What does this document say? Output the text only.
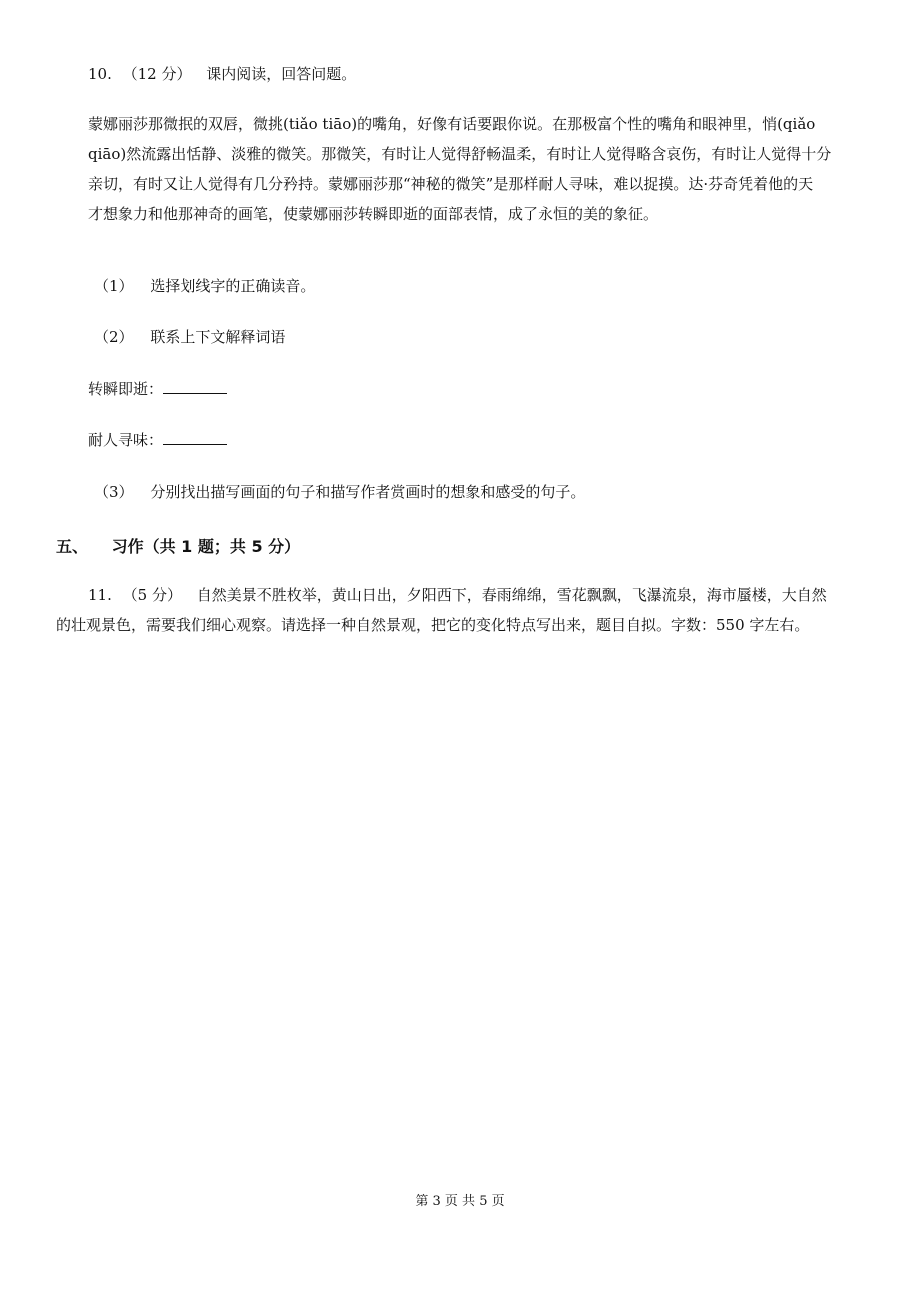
10. （12 分） 课内阅读，回答问题。
蒙娜丽莎那微抿的双唇，微挑(tiǎo tiāo)的嘴角，好像有话要跟你说。在那极富个性的嘴角和眼神里，悄(qiǎo
qiāo)然流露出恬静、淡雅的微笑。那微笑，有时让人觉得舒畅温柔，有时让人觉得略含哀伤，有时让人觉得十分
亲切，有时又让人觉得有几分矜持。蒙娜丽莎那“神秘的微笑”是那样耐人寻味，难以捉摸。达·芬奇凭着他的天
才想象力和他那神奇的画笔，使蒙娜丽莎转瞬即逝的面部表情，成了永恒的美的象征。
（1） 选择划线字的正确读音。
（2） 联系上下文解释词语
转瞬即逝：
耐人寻味：
（3） 分别找出描写画面的句子和描写作者赏画时的想象和感受的句子。
五、 习作（共 1 题；共 5 分）
11. （5 分） 自然美景不胜枚举，黄山日出，夕阳西下，春雨绵绵，雪花飘飘，飞瀑流泉，海市蜃楼，大自然
的壮观景色，需要我们细心观察。请选择一种自然景观，把它的变化特点写出来，题目自拟。字数：550 字左右。
第 3 页 共 5 页
